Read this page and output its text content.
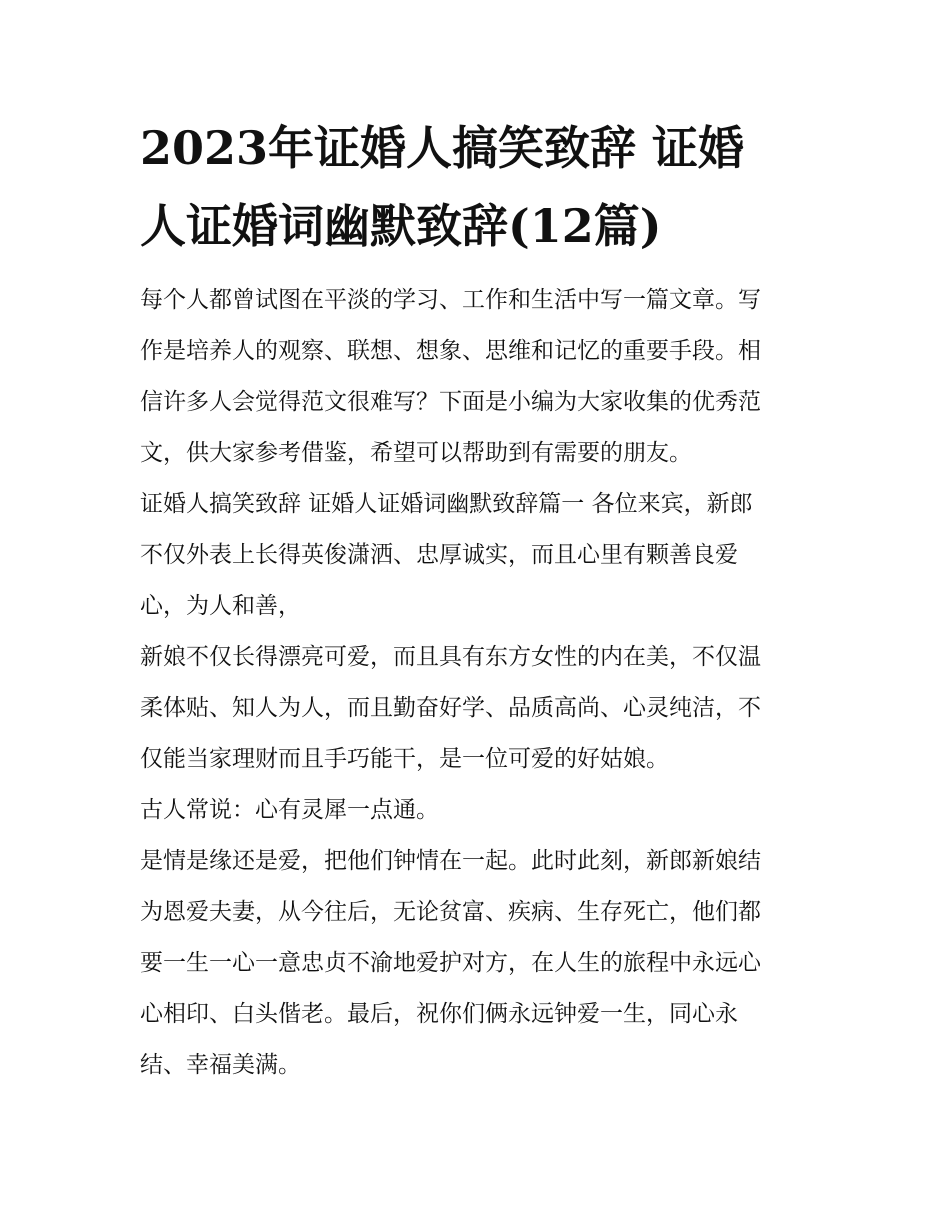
2023年证婚人搞笑致辞 证婚
人证婚词幽默致辞(12篇)
每个人都曾试图在平淡的学习、工作和生活中写一篇文章。写
作是培养人的观察、联想、想象、思维和记忆的重要手段。相
信许多人会觉得范文很难写？下面是小编为大家收集的优秀范
文，供大家参考借鉴，希望可以帮助到有需要的朋友。
证婚人搞笑致辞 证婚人证婚词幽默致辞篇一 各位来宾，新郎
不仅外表上长得英俊潇洒、忠厚诚实，而且心里有颗善良爱
心，为人和善，
新娘不仅长得漂亮可爱，而且具有东方女性的内在美，不仅温
柔体贴、知人为人，而且勤奋好学、品质高尚、心灵纯洁，不
仅能当家理财而且手巧能干，是一位可爱的好姑娘。
古人常说：心有灵犀一点通。
是情是缘还是爱，把他们钟情在一起。此时此刻，新郎新娘结
为恩爱夫妻，从今往后，无论贫富、疾病、生存死亡，他们都
要一生一心一意忠贞不渝地爱护对方，在人生的旅程中永远心
心相印、白头偕老。最后，祝你们俩永远钟爱一生，同心永
结、幸福美满。
